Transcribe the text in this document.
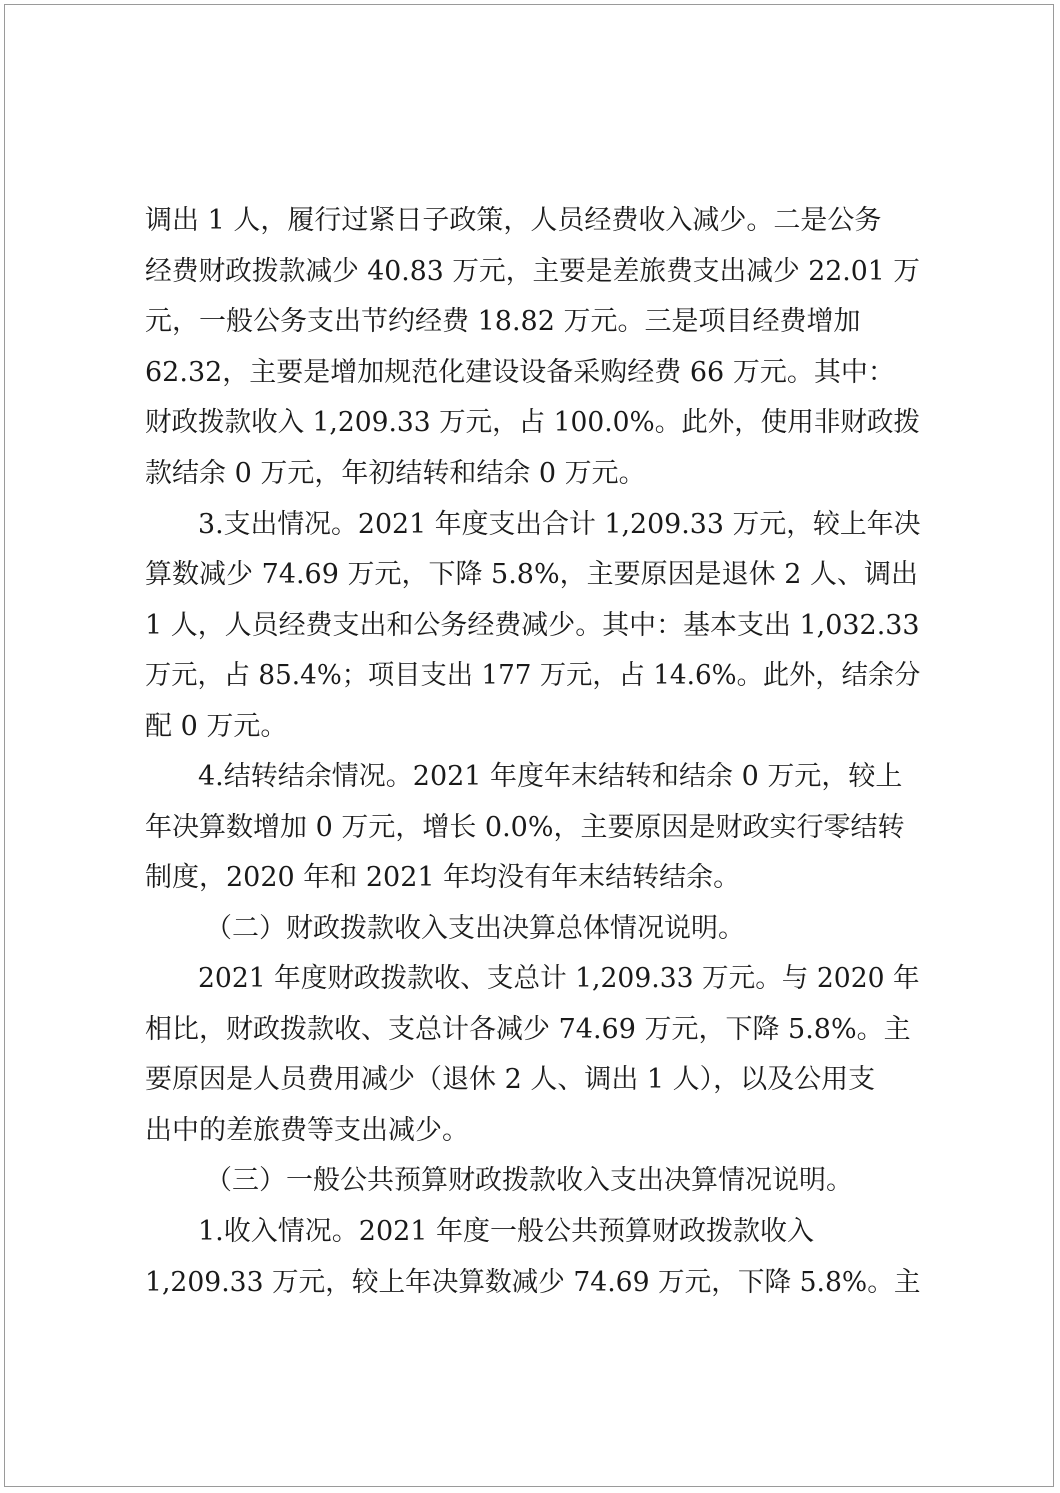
调出 1 人，履行过紧日子政策，人员经费收入减少。二是公务
经费财政拨款减少 40.83 万元，主要是差旅费支出减少 22.01 万
元，一般公务支出节约经费 18.82 万元。三是项目经费增加
62.32，主要是增加规范化建设设备采购经费 66 万元。其中：
财政拨款收入 1,209.33 万元，占 100.0%。此外，使用非财政拨
款结余 0 万元，年初结转和结余 0 万元。
3.支出情况。2021 年度支出合计 1,209.33 万元，较上年决
算数减少 74.69 万元，下降 5.8%，主要原因是退休 2 人、调出
1 人，人员经费支出和公务经费减少。其中：基本支出 1,032.33
万元，占 85.4%；项目支出 177 万元，占 14.6%。此外，结余分
配 0 万元。
4.结转结余情况。2021 年度年末结转和结余 0 万元，较上
年决算数增加 0 万元，增长 0.0%，主要原因是财政实行零结转
制度，2020 年和 2021 年均没有年末结转结余。
（二）财政拨款收入支出决算总体情况说明。
2021 年度财政拨款收、支总计 1,209.33 万元。与 2020 年
相比，财政拨款收、支总计各减少 74.69 万元，下降 5.8%。主
要原因是人员费用减少（退休 2 人、调出 1 人），以及公用支
出中的差旅费等支出减少。
（三）一般公共预算财政拨款收入支出决算情况说明。
1.收入情况。2021 年度一般公共预算财政拨款收入
1,209.33 万元，较上年决算数减少 74.69 万元，下降 5.8%。主
